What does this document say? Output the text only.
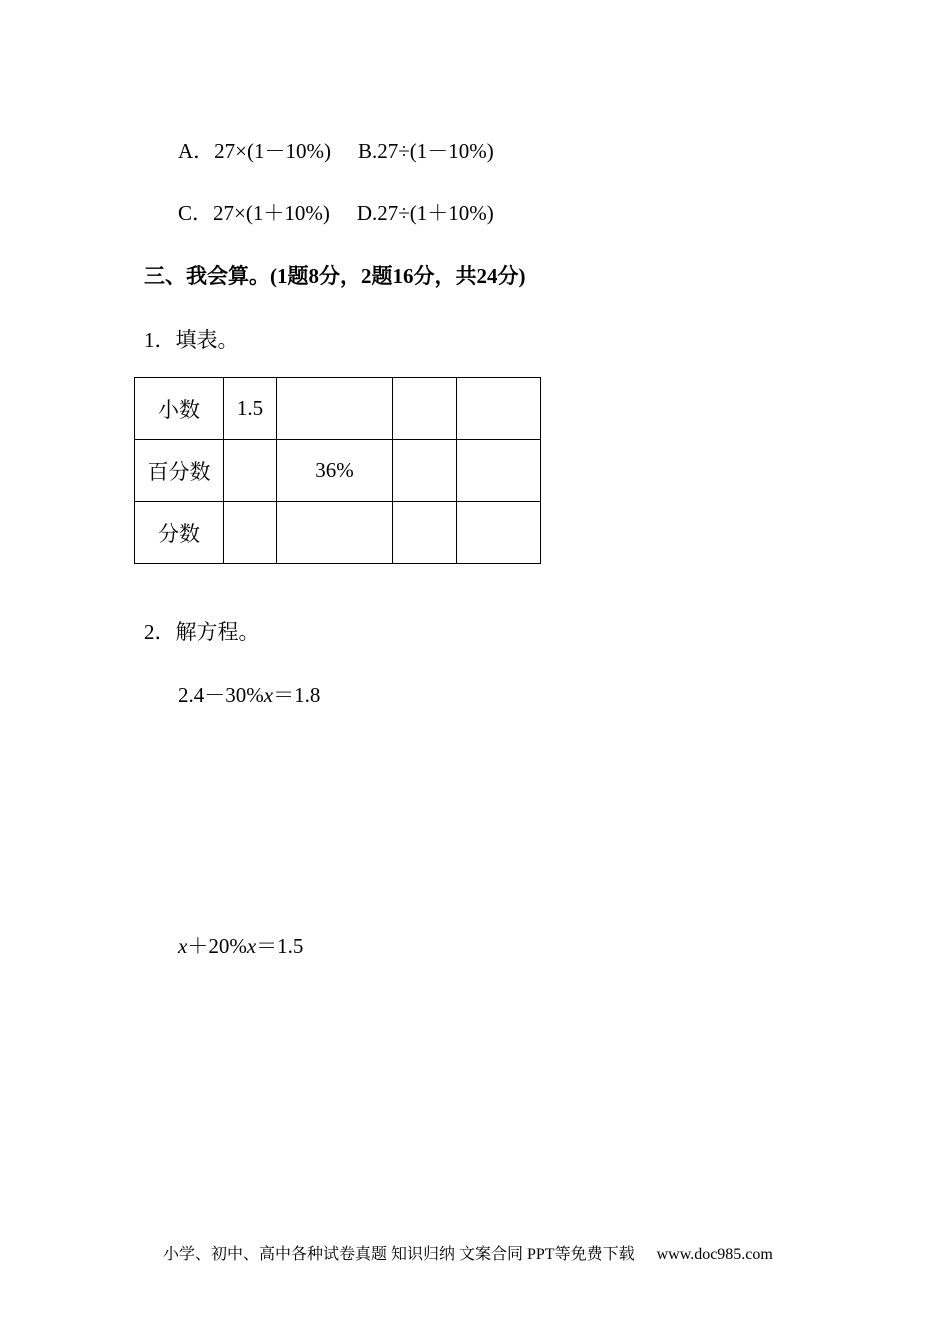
A．27×(1－10%) B.27÷(1－10%)
C．27×(1＋10%) D.27÷(1＋10%)
三、我会算。(1题8分，2题16分，共24分)
1．填表。
小数	1.5			
百分数		36%		
分数				
2．解方程。
2.4－30%x＝1.8
x＋20%x＝1.5
小学、初中、高中各种试卷真题 知识归纳 文案合同 PPT等免费下载 www.doc985.com
